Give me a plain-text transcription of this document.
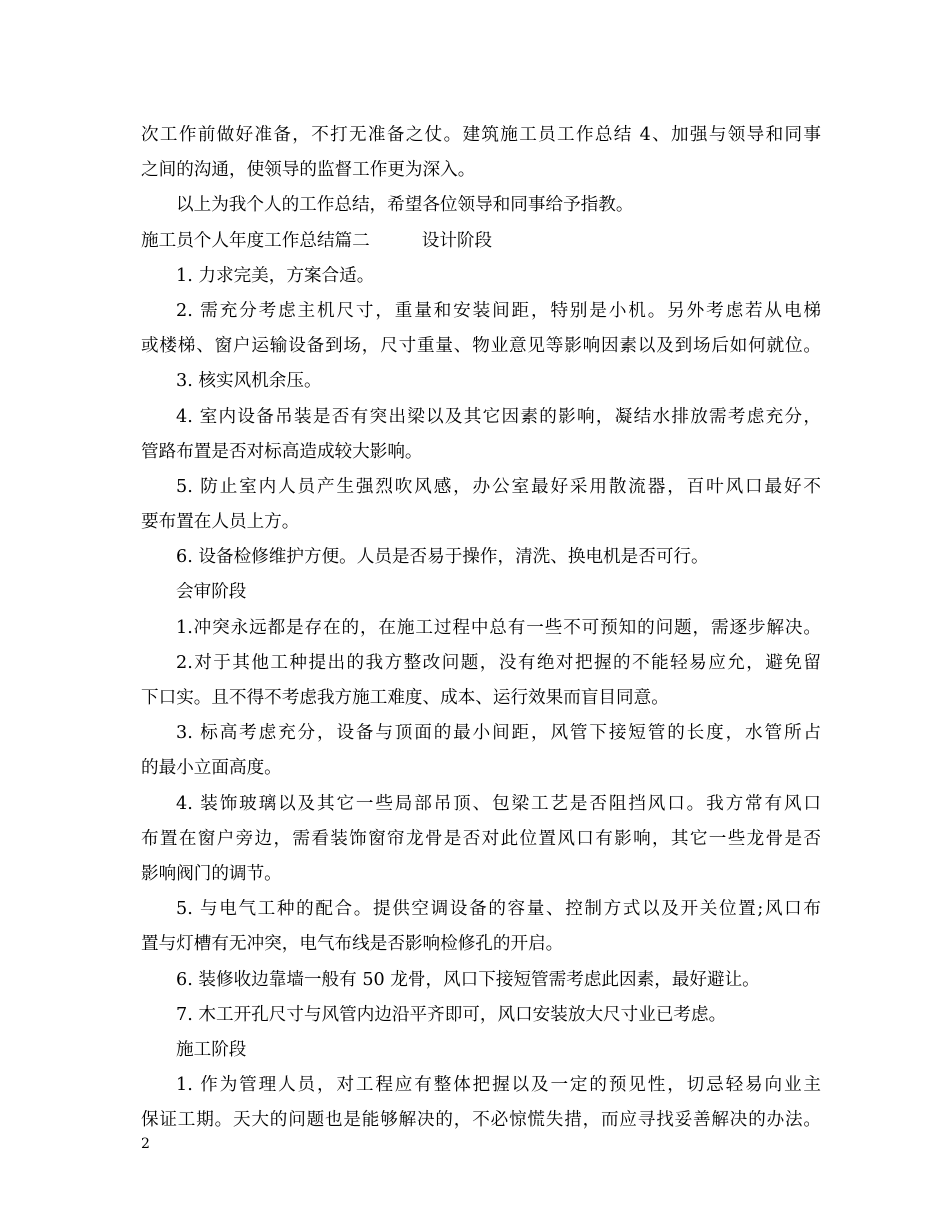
次工作前做好准备，不打无准备之仗。建筑施工员工作总结 4、加强与领导和同事
之间的沟通，使领导的监督工作更为深入。
以上为我个人的工作总结，希望各位领导和同事给予指教。
施工员个人年度工作总结篇二	设计阶段
1. 力求完美，方案合适。
2. 需充分考虑主机尺寸，重量和安装间距，特别是小机。另外考虑若从电梯
或楼梯、窗户运输设备到场，尺寸重量、物业意见等影响因素以及到场后如何就位。
3. 核实风机余压。
4. 室内设备吊装是否有突出梁以及其它因素的影响，凝结水排放需考虑充分，
管路布置是否对标高造成较大影响。
5. 防止室内人员产生强烈吹风感，办公室最好采用散流器，百叶风口最好不
要布置在人员上方。
6. 设备检修维护方便。人员是否易于操作，清洗、换电机是否可行。
会审阶段
1.冲突永远都是存在的，在施工过程中总有一些不可预知的问题，需逐步解决。
2.对于其他工种提出的我方整改问题，没有绝对把握的不能轻易应允，避免留
下口实。且不得不考虑我方施工难度、成本、运行效果而盲目同意。
3. 标高考虑充分，设备与顶面的最小间距，风管下接短管的长度，水管所占
的最小立面高度。
4. 装饰玻璃以及其它一些局部吊顶、包梁工艺是否阻挡风口。我方常有风口
布置在窗户旁边，需看装饰窗帘龙骨是否对此位置风口有影响，其它一些龙骨是否
影响阀门的调节。
5. 与电气工种的配合。提供空调设备的容量、控制方式以及开关位置;风口布
置与灯槽有无冲突，电气布线是否影响检修孔的开启。
6. 装修收边靠墙一般有 50 龙骨，风口下接短管需考虑此因素，最好避让。
7. 木工开孔尺寸与风管内边沿平齐即可，风口安装放大尺寸业已考虑。
施工阶段
1. 作为管理人员，对工程应有整体把握以及一定的预见性，切忌轻易向业主
保证工期。天大的问题也是能够解决的，不必惊慌失措，而应寻找妥善解决的办法。
2
